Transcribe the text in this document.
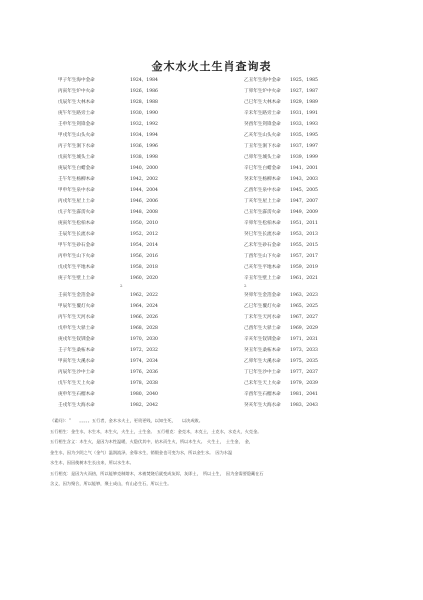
金木水火土生肖查询表
甲子年生海中金命	1924、1984	乙丑年生海中金命 1925、1985
丙寅年生炉中火命	1926、1986	丁卯年生炉中火命 1927、1987
戊辰年生大林木命	1928、1988	己巳年生大林木命 1929、1989
庚午年生路旁土命	1930、1990	辛未年生路旁土命 1931、1991
壬申年生剑锋金命	1932、1992	癸酉年生剑锋金命 1933、1993
甲戌年生山头火命	1934、1994	乙亥年生山头火命 1935、1995
丙子年生涧下水命	1936、1996	丁丑年生涧下水命 1937、1997
戊寅年生城头土命	1938、1998	己卯年生城头土命 1939、1999
庚辰年生白蜡金命	1940、2000	辛巳年生白蜡金命 1941、2001
壬午年生杨柳木命	1942、2002	癸未年生杨柳木命 1943、2003
甲申年生泉中水命	1944、2004	乙酉年生泉中水命 1945、2005
丙戌年生屋上土命	1946、2006	丁亥年生屋上土命 1947、2007
戊子年生霹雳火命	1948、2008	己丑年生霹雳火命 1949、2009
庚寅年生松柏木命	1950、2010	辛卯年生松柏木命 1951、2011
壬辰年生长流水命	1952、2012	癸巳年生长流水命 1953、2013
甲午年生砂石金命	1954、2014	乙未年生砂石金命 1955、2015
丙申年生山下火命	1956、2016	丁酉年生山下火命 1957、2017
戊戌年生平地木命	1958、2018	己亥年生平地木命 1959、2019
庚子年生壁上土命	1960、2020	辛丑年生壁上土命 1961、2021
壬寅年生金箔金命	1962、2022	癸卯年生金箔金命 1963、2023
甲辰年生覆灯火命	1964、2024	乙巳年生覆灯火命 1965、2025
丙午年生天河水命	1966、2026	丁未年生天河水命 1967、2027
戊申年生大驿土命	1968、2028	己酉年生大驿土命 1969、2029
庚戌年生钗钏金命	1970、2030	辛亥年生钗钏金命 1971、2031
壬子年生桑柘木命	1972、2032	癸丑年生桑柘木命 1973、2033
甲寅年生大溪水命	1974、2034	乙卯年生大溪水命 1975、2035
丙辰年生沙中土命	1976、2036	丁巳年生沙中土命 1977、2037
戊午年生天上火命	1978、2038	己未年生天上火命 1979、2039
庚申年生石榴木命	1980、2040	辛酉年生石榴木命 1981、2041
壬戌年生大海水命	1982、2042	癸亥年生大海水命 1983、2043
2	2

《素问》：“　　。。。。。五行者，金木水火土，更贵更贱，以知生死，　　以决成败。

五行相生：金生水，水生木，木生火，火生土，土生金。　五行相克：金克木，木克土，土克水，水克火，火克金。

五行相生含义：木生火，是因为木性温暖，火隐伏其中，钻木而生火，所以木生火。　火生土，　土生金，　金，

金生水，因为少阴之气（金气）温润流泽，金靠水生，销锻金也可变为水，所以金生水。　因为水温

水生木，因因使树木生长出来，所以水生木。

五行相克：是因为火而热，所以能够克制熔木，木被焚烧后就变成灰烬，灰即土，　所以土生，　因为金需要隐藏在石

含义，因为聚合，所以能够，聚土成山，有山必生石，所以土生。
